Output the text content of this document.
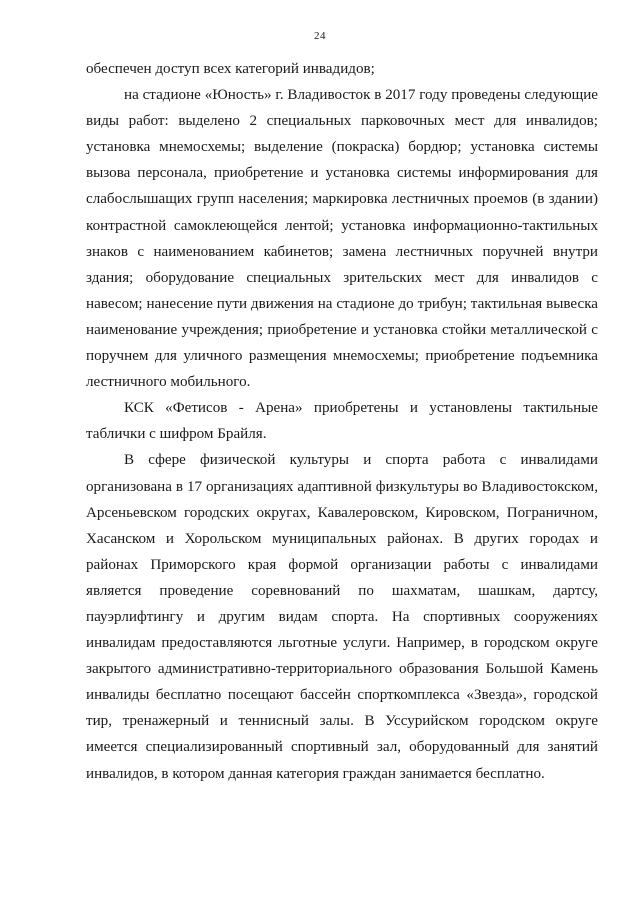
24

обеспечен доступ всех категорий инвадидов;

на стадионе «Юность» г. Владивосток в 2017 году проведены следующие виды работ: выделено 2 специальных парковочных мест для инвалидов; установка мнемосхемы; выделение (покраска) бордюр; установка системы вызова персонала, приобретение и установка системы информирования для слабослышащих групп населения; маркировка лестничных проемов (в здании) контрастной самоклеющейся лентой; установка информационно-тактильных знаков с наименованием кабинетов; замена лестничных поручней внутри здания; оборудование специальных зрительских мест для инвалидов с навесом; нанесение пути движения на стадионе до трибун; тактильная вывеска наименование учреждения; приобретение и установка стойки металлической с поручнем для уличного размещения мнемосхемы; приобретение подъемника лестничного мобильного.

КСК «Фетисов - Арена» приобретены и установлены тактильные таблички с шифром Брайля.

В сфере физической культуры и спорта работа с инвалидами организована в 17 организациях адаптивной физкультуры во Владивостокском, Арсеньевском городских округах, Кавалеровском, Кировском, Пограничном, Хасанском и Хорольском муниципальных районах. В других городах и районах Приморского края формой организации работы с инвалидами является проведение соревнований по шахматам, шашкам, дартсу, пауэрлифтингу и другим видам спорта. На спортивных сооружениях инвалидам предоставляются льготные услуги. Например, в городском округе закрытого административно-территориального образования Большой Камень инвалиды бесплатно посещают бассейн спорткомплекса «Звезда», городской тир, тренажерный и теннисный залы. В Уссурийском городском округе имеется специализированный спортивный зал, оборудованный для занятий инвалидов, в котором данная категория граждан занимается бесплатно.
